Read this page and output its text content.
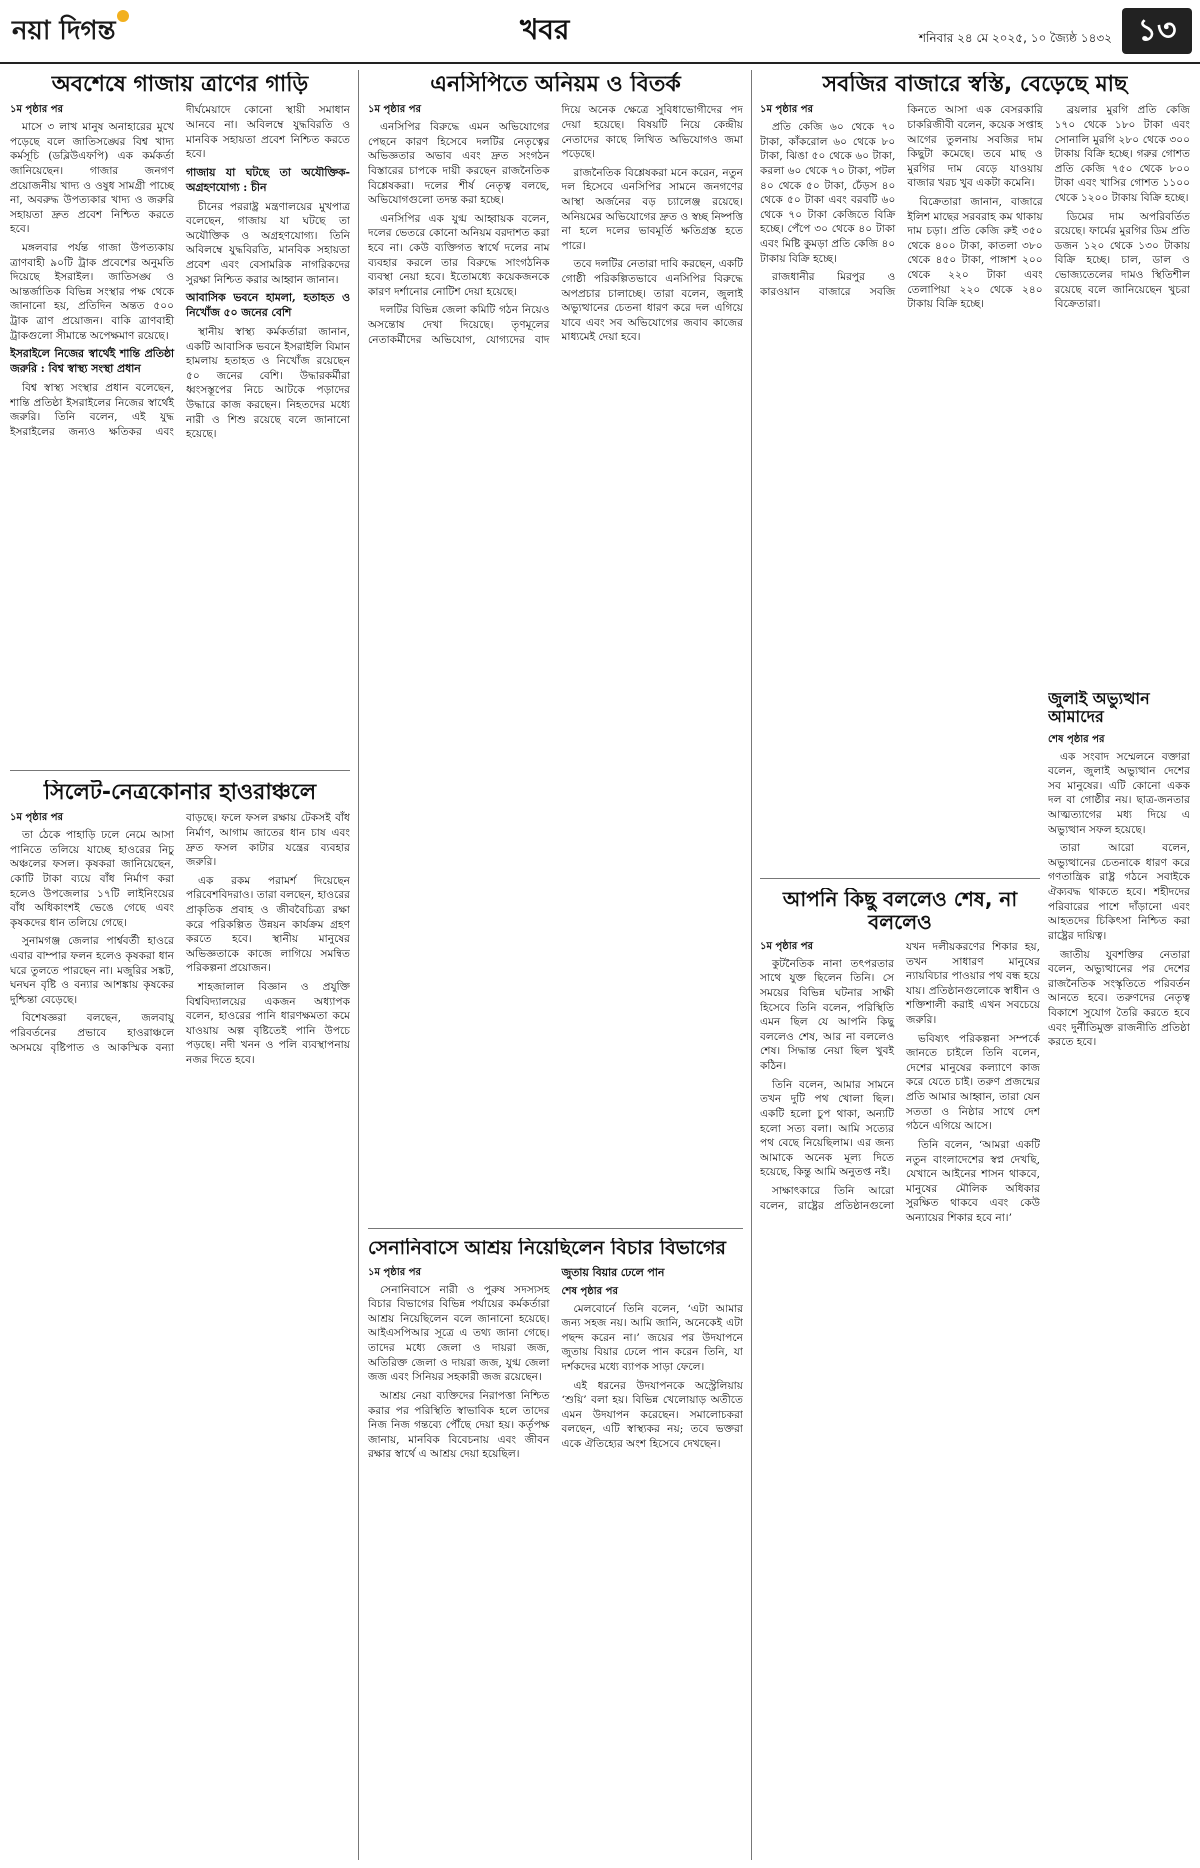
নয়া দিগন্ত	খবর	শনিবার ২৪ মে ২০২৫, ১০ জ্যৈষ্ঠ ১৪৩২ ১৩
অবশেষে গাজায় ত্রাণের গাড়ি
১ম পৃষ্ঠার পর

মাসে ৩ লাখ মানুষ অনাহারের মুখে পড়েছে বলে জাতিসঙ্ঘের বিশ্ব খাদ্য কর্মসূচি (ডব্লিউএফপি) এক কর্মকর্তা জানিয়েছেন। গাজার জনগণ প্রয়োজনীয় খাদ্য ও ওষুধ সামগ্রী পাচ্ছে না, অবরুদ্ধ উপত্যকার খাদ্য ও জরুরি সহায়তা দ্রুত প্রবেশ নিশ্চিত করতে হবে।

মঙ্গলবার পর্যন্ত গাজা উপত্যকায় ত্রাণবাহী ৯০টি ট্রাক প্রবেশের অনুমতি দিয়েছে ইসরাইল। জাতিসঙ্ঘ ও আন্তর্জাতিক বিভিন্ন সংস্থার পক্ষ থেকে জানানো হয়, প্রতিদিন অন্তত ৫০০ ট্রাক ত্রাণ প্রয়োজন। বাকি ত্রাণবাহী ট্রাকগুলো সীমান্তে অপেক্ষমাণ রয়েছে।

ইসরাইলে নিজের স্বার্থেই শান্তি প্রতিষ্ঠা জরুরি : বিশ্ব স্বাস্থ্য সংস্থা প্রধান

বিশ্ব স্বাস্থ্য সংস্থার প্রধান বলেছেন, শান্তি প্রতিষ্ঠা ইসরাইলের নিজের স্বার্থেই জরুরি। তিনি বলেন, এই যুদ্ধ ইসরাইলের জন্যও ক্ষতিকর এবং দীর্ঘমেয়াদে কোনো স্থায়ী সমাধান আনবে না। অবিলম্বে যুদ্ধবিরতি ও মানবিক সহায়তা প্রবেশ নিশ্চিত করতে হবে।

গাজায় যা ঘটছে তা অযৌক্তিক-অগ্রহণযোগ্য : চীন

চীনের পররাষ্ট্র মন্ত্রণালয়ের মুখপাত্র বলেছেন, গাজায় যা ঘটছে তা অযৌক্তিক ও অগ্রহণযোগ্য। তিনি অবিলম্বে যুদ্ধবিরতি, মানবিক সহায়তা প্রবেশ এবং বেসামরিক নাগরিকদের সুরক্ষা নিশ্চিত করার আহ্বান জানান।

আবাসিক ভবনে হামলা, হতাহত ও নিখোঁজ ৫০ জনের বেশি

স্থানীয় স্বাস্থ্য কর্মকর্তারা জানান, একটি আবাসিক ভবনে ইসরাইলি বিমান হামলায় হতাহত ও নিখোঁজ রয়েছেন ৫০ জনের বেশি। উদ্ধারকর্মীরা ধ্বংসস্তূপের নিচে আটকে পড়াদের উদ্ধারে কাজ করছেন। নিহতদের মধ্যে নারী ও শিশু রয়েছে বলে জানানো হয়েছে।

সিলেট-নেত্রকোনার হাওরাঞ্চলে
১ম পৃষ্ঠার পর

তা ঠেকে পাহাড়ি ঢলে নেমে আসা পানিতে তলিয়ে যাচ্ছে হাওরের নিচু অঞ্চলের ফসল। কৃষকরা জানিয়েছেন, কোটি টাকা ব্যয়ে বাঁধ নির্মাণ করা হলেও উপজেলার ১৭টি লাইনিংয়ের বাঁধ অধিকাংশই ভেঙে গেছে এবং কৃষকদের ধান তলিয়ে গেছে।

সুনামগঞ্জ জেলার পার্শ্ববর্তী হাওরে এবার বাম্পার ফলন হলেও কৃষকরা ধান ঘরে তুলতে পারছেন না। মজুরির সঙ্কট, ঘনঘন বৃষ্টি ও বন্যার আশঙ্কায় কৃষকের দুশ্চিন্তা বেড়েছে।

বিশেষজ্ঞরা বলছেন, জলবায়ু পরিবর্তনের প্রভাবে হাওরাঞ্চলে অসময়ে বৃষ্টিপাত ও আকস্মিক বন্যা বাড়ছে। ফলে ফসল রক্ষায় টেকসই বাঁধ নির্মাণ, আগাম জাতের ধান চাষ এবং দ্রুত ফসল কাটার যন্ত্রের ব্যবহার জরুরি।

এক রকম পরামর্শ দিয়েছেন পরিবেশবিদরাও। তারা বলছেন, হাওরের প্রাকৃতিক প্রবাহ ও জীববৈচিত্র্য রক্ষা করে পরিকল্পিত উন্নয়ন কার্যক্রম গ্রহণ করতে হবে। স্থানীয় মানুষের অভিজ্ঞতাকে কাজে লাগিয়ে সমন্বিত পরিকল্পনা প্রয়োজন।

শাহজালাল বিজ্ঞান ও প্রযুক্তি বিশ্ববিদ্যালয়ের একজন অধ্যাপক বলেন, হাওরের পানি ধারণক্ষমতা কমে যাওয়ায় অল্প বৃষ্টিতেই পানি উপচে পড়ছে। নদী খনন ও পলি ব্যবস্থাপনায় নজর দিতে হবে।

এনসিপিতে অনিয়ম ও বিতর্ক
১ম পৃষ্ঠার পর

এনসিপির বিরুদ্ধে এমন অভিযোগের পেছনে কারণ হিসেবে দলটির নেতৃত্বের অভিজ্ঞতার অভাব এবং দ্রুত সংগঠন বিস্তারের চাপকে দায়ী করছেন রাজনৈতিক বিশ্লেষকরা। দলের শীর্ষ নেতৃত্ব বলছে, অভিযোগগুলো তদন্ত করা হচ্ছে।

এনসিপির এক যুগ্ম আহ্বায়ক বলেন, দলের ভেতরে কোনো অনিয়ম বরদাশত করা হবে না। কেউ ব্যক্তিগত স্বার্থে দলের নাম ব্যবহার করলে তার বিরুদ্ধে সাংগঠনিক ব্যবস্থা নেয়া হবে। ইতোমধ্যে কয়েকজনকে কারণ দর্শানোর নোটিশ দেয়া হয়েছে।

দলটির বিভিন্ন জেলা কমিটি গঠন নিয়েও অসন্তোষ দেখা দিয়েছে। তৃণমূলের নেতাকর্মীদের অভিযোগ, যোগ্যদের বাদ দিয়ে অনেক ক্ষেত্রে সুবিধাভোগীদের পদ দেয়া হয়েছে। বিষয়টি নিয়ে কেন্দ্রীয় নেতাদের কাছে লিখিত অভিযোগও জমা পড়েছে।

রাজনৈতিক বিশ্লেষকরা মনে করেন, নতুন দল হিসেবে এনসিপির সামনে জনগণের আস্থা অর্জনের বড় চ্যালেঞ্জ রয়েছে। অনিয়মের অভিযোগের দ্রুত ও স্বচ্ছ নিষ্পত্তি না হলে দলের ভাবমূর্তি ক্ষতিগ্রস্ত হতে পারে।

তবে দলটির নেতারা দাবি করছেন, একটি গোষ্ঠী পরিকল্পিতভাবে এনসিপির বিরুদ্ধে অপপ্রচার চালাচ্ছে। তারা বলেন, জুলাই অভ্যুত্থানের চেতনা ধারণ করে দল এগিয়ে যাবে এবং সব অভিযোগের জবাব কাজের মাধ্যমেই দেয়া হবে।

সেনানিবাসে আশ্রয় নিয়েছিলেন বিচার বিভাগের
১ম পৃষ্ঠার পর

সেনানিবাসে নারী ও পুরুষ সদস্যসহ বিচার বিভাগের বিভিন্ন পর্যায়ের কর্মকর্তারা আশ্রয় নিয়েছিলেন বলে জানানো হয়েছে। আইএসপিআর সূত্রে এ তথ্য জানা গেছে। তাদের মধ্যে জেলা ও দায়রা জজ, অতিরিক্ত জেলা ও দায়রা জজ, যুগ্ম জেলা জজ এবং সিনিয়র সহকারী জজ রয়েছেন।

আশ্রয় নেয়া ব্যক্তিদের নিরাপত্তা নিশ্চিত করার পর পরিস্থিতি স্বাভাবিক হলে তাদের নিজ নিজ গন্তব্যে পৌঁছে দেয়া হয়। কর্তৃপক্ষ জানায়, মানবিক বিবেচনায় এবং জীবন রক্ষার স্বার্থে এ আশ্রয় দেয়া হয়েছিল।

জুতায় বিয়ার ঢেলে পান
শেষ পৃষ্ঠার পর

মেলবোর্নে তিনি বলেন, ‘এটা আমার জন্য সহজ নয়। আমি জানি, অনেকেই এটা পছন্দ করেন না।’ জয়ের পর উদযাপনে জুতায় বিয়ার ঢেলে পান করেন তিনি, যা দর্শকদের মধ্যে ব্যাপক সাড়া ফেলে।

এই ধরনের উদযাপনকে অস্ট্রেলিয়ায় ‘শুয়ি’ বলা হয়। বিভিন্ন খেলোয়াড় অতীতে এমন উদযাপন করেছেন। সমালোচকরা বলছেন, এটি স্বাস্থ্যকর নয়; তবে ভক্তরা একে ঐতিহ্যের অংশ হিসেবে দেখছেন।

সবজির বাজারে স্বস্তি, বেড়েছে মাছ
১ম পৃষ্ঠার পর

প্রতি কেজি ৬০ থেকে ৭০ টাকা, কাঁকরোল ৬০ থেকে ৮০ টাকা, ঝিঙা ৫০ থেকে ৬০ টাকা, করলা ৬০ থেকে ৭০ টাকা, পটল ৪০ থেকে ৫০ টাকা, ঢেঁড়স ৪০ থেকে ৫০ টাকা এবং বরবটি ৬০ থেকে ৭০ টাকা কেজিতে বিক্রি হচ্ছে। পেঁপে ৩০ থেকে ৪০ টাকা এবং মিষ্টি কুমড়া প্রতি কেজি ৪০ টাকায় বিক্রি হচ্ছে।

রাজধানীর মিরপুর ও কারওয়ান বাজারে সবজি কিনতে আসা এক বেসরকারি চাকরিজীবী বলেন, কয়েক সপ্তাহ আগের তুলনায় সবজির দাম কিছুটা কমেছে। তবে মাছ ও মুরগির দাম বেড়ে যাওয়ায় বাজার খরচ খুব একটা কমেনি।

বিক্রেতারা জানান, বাজারে ইলিশ মাছের সরবরাহ কম থাকায় দাম চড়া। প্রতি কেজি রুই ৩৫০ থেকে ৪০০ টাকা, কাতলা ৩৮০ থেকে ৪৫০ টাকা, পাঙ্গাশ ২০০ থেকে ২২০ টাকা এবং তেলাপিয়া ২২০ থেকে ২৪০ টাকায় বিক্রি হচ্ছে।

ব্রয়লার মুরগি প্রতি কেজি ১৭০ থেকে ১৮০ টাকা এবং সোনালি মুরগি ২৮০ থেকে ৩০০ টাকায় বিক্রি হচ্ছে। গরুর গোশত প্রতি কেজি ৭৫০ থেকে ৮০০ টাকা এবং খাসির গোশত ১১০০ থেকে ১২০০ টাকায় বিক্রি হচ্ছে।

ডিমের দাম অপরিবর্তিত রয়েছে। ফার্মের মুরগির ডিম প্রতি ডজন ১২০ থেকে ১৩০ টাকায় বিক্রি হচ্ছে। চাল, ডাল ও ভোজ্যতেলের দামও স্থিতিশীল রয়েছে বলে জানিয়েছেন খুচরা বিক্রেতারা।

জুলাই অভ্যুত্থান আমাদের
শেষ পৃষ্ঠার পর

এক সংবাদ সম্মেলনে বক্তারা বলেন, জুলাই অভ্যুত্থান দেশের সব মানুষের। এটি কোনো একক দল বা গোষ্ঠীর নয়। ছাত্র-জনতার আত্মত্যাগের মধ্য দিয়ে এ অভ্যুত্থান সফল হয়েছে।

তারা আরো বলেন, অভ্যুত্থানের চেতনাকে ধারণ করে গণতান্ত্রিক রাষ্ট্র গঠনে সবাইকে ঐক্যবদ্ধ থাকতে হবে। শহীদদের পরিবারের পাশে দাঁড়ানো এবং আহতদের চিকিৎসা নিশ্চিত করা রাষ্ট্রের দায়িত্ব।

জাতীয় যুবশক্তির নেতারা বলেন, অভ্যুত্থানের পর দেশের রাজনৈতিক সংস্কৃতিতে পরিবর্তন আনতে হবে। তরুণদের নেতৃত্ব বিকাশে সুযোগ তৈরি করতে হবে এবং দুর্নীতিমুক্ত রাজনীতি প্রতিষ্ঠা করতে হবে।

আপনি কিছু বললেও শেষ, না বললেও
১ম পৃষ্ঠার পর

কুটনৈতিক নানা তৎপরতার সাথে যুক্ত ছিলেন তিনি। সে সময়ের বিভিন্ন ঘটনার সাক্ষী হিসেবে তিনি বলেন, পরিস্থিতি এমন ছিল যে আপনি কিছু বললেও শেষ, আর না বললেও শেষ। সিদ্ধান্ত নেয়া ছিল খুবই কঠিন।

তিনি বলেন, আমার সামনে তখন দুটি পথ খোলা ছিল। একটি হলো চুপ থাকা, অন্যটি হলো সত্য বলা। আমি সত্যের পথ বেছে নিয়েছিলাম। এর জন্য আমাকে অনেক মূল্য দিতে হয়েছে, কিন্তু আমি অনুতপ্ত নই।

সাক্ষাৎকারে তিনি আরো বলেন, রাষ্ট্রের প্রতিষ্ঠানগুলো যখন দলীয়করণের শিকার হয়, তখন সাধারণ মানুষের ন্যায়বিচার পাওয়ার পথ বন্ধ হয়ে যায়। প্রতিষ্ঠানগুলোকে স্বাধীন ও শক্তিশালী করাই এখন সবচেয়ে জরুরি।

ভবিষ্যৎ পরিকল্পনা সম্পর্কে জানতে চাইলে তিনি বলেন, দেশের মানুষের কল্যাণে কাজ করে যেতে চাই। তরুণ প্রজন্মের প্রতি আমার আহ্বান, তারা যেন সততা ও নিষ্ঠার সাথে দেশ গঠনে এগিয়ে আসে।

তিনি বলেন, ‘আমরা একটি নতুন বাংলাদেশের স্বপ্ন দেখছি, যেখানে আইনের শাসন থাকবে, মানুষের মৌলিক অধিকার সুরক্ষিত থাকবে এবং কেউ অন্যায়ের শিকার হবে না।’
